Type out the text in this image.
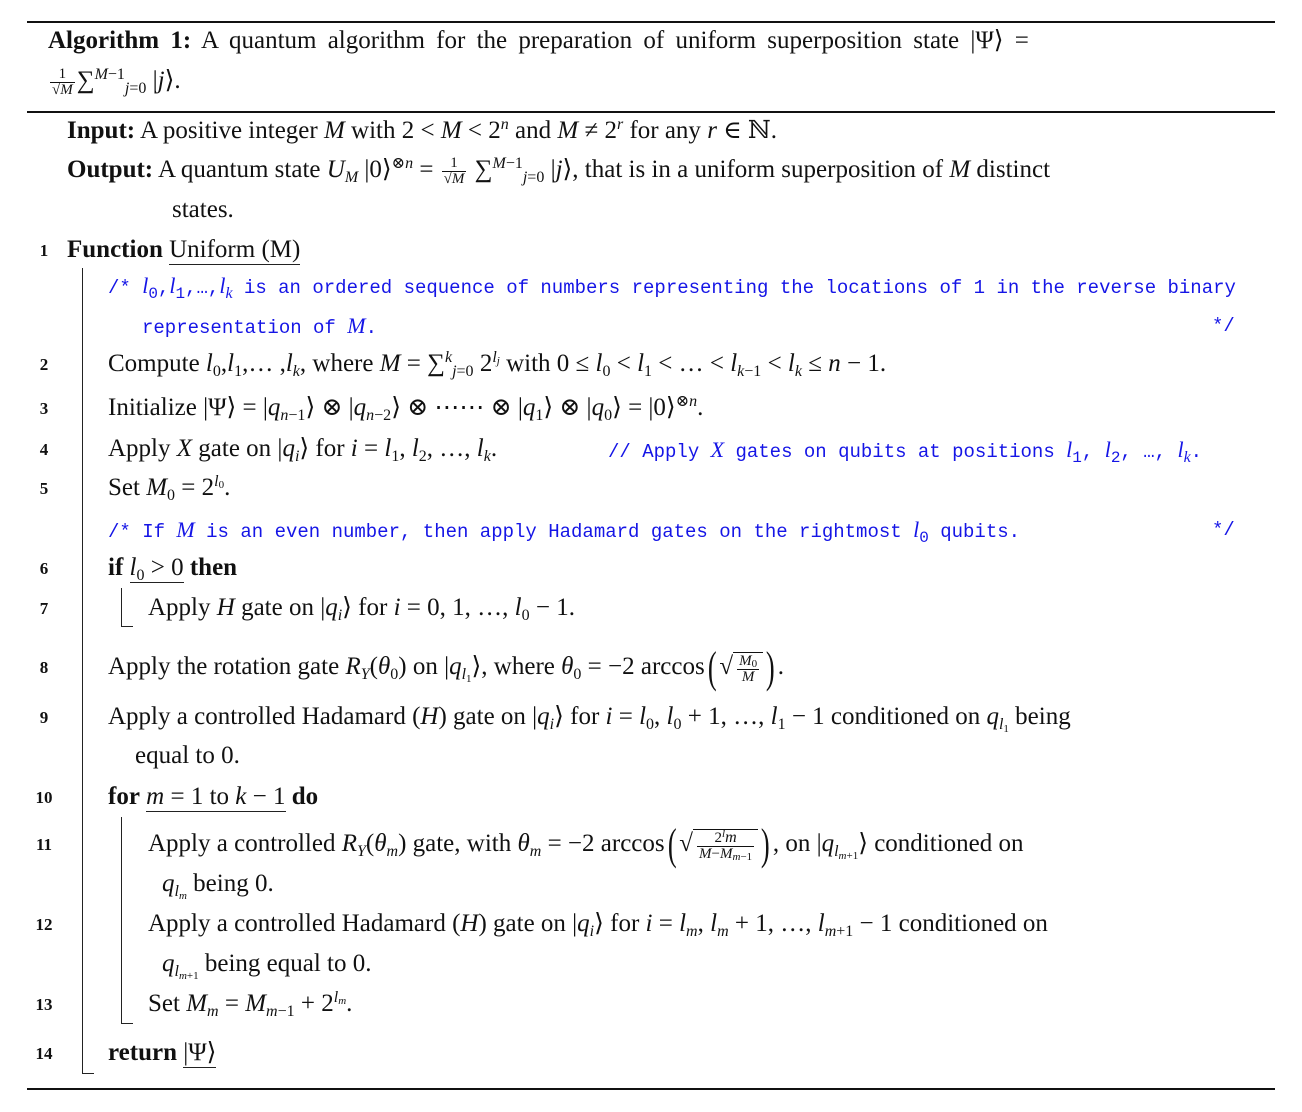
Algorithm 1: A quantum algorithm for the preparation of uniform superposition state |Ψ⟩ =
$\frac{1}{√M} \sum^{M-1}_{j=0}$ |j⟩.
Input: A positive integer M with $2 < M < 2^n$ and $M \ne 2^r$ for any r ∈ ℕ.
Output: A quantum state $U_M$ |0⟩$^{\otimes n}$ = $\frac{1}{√M} \sum^{M-1}_{j=0}$ |j⟩, that is in a uniform superposition of M distinct
states.
1 Function Uniform (M)
/* $l_0,l_1,\dots,l_k$ is an ordered sequence of numbers representing the locations of 1 in the reverse binary
representation of M.	*/
2	Compute $l_0,l_1,\dots$ $,l_k$, where M = ∑$^k_{j=0}$ $2^{l_j}$ with $0 \le l_0 < l_1$ < … < $l_{k-1} < l_k \le n - 1$.
3	Initialize |Ψ⟩ = $|q_{n-1}⟩$ ⊗ $|q_{n-2}⟩$ ⊗ ⋯⋯ ⊗ $|q_1⟩$ ⊗ $|q_0⟩$ = |0⟩$^{\otimes n}$.
4	Apply X gate on $|q_i⟩$ for $i = l_1$, $l_2$, …, $l_k$.	// Apply X gates on qubits at positions $l_1$, $l_2$, …, $l_k$.
5	Set $M_0 = 2^{l_0}$.
/* If M is an even number, then apply Hadamard gates on the rightmost $l_0$ qubits.	*/
6	if $l_0 > 0$ then
7	Apply H gate on $|q_i⟩$ for i = 0, 1, …, $l_0 - 1$.
8	Apply the rotation gate $R_Y(\theta_0)$ on $|q_{l_1}⟩$, where $\theta_0 = -2$ arccos( √ $\frac{M_0}{M}$ ) .
9	Apply a controlled Hadamard (H) gate on $|q_i⟩$ for $i = l_0$, $l_0 + 1$, …, $l_1 - 1$ conditioned on $q_{l_1}$ being
equal to 0.
10 for m = 1 to k − 1 do
11	Apply a controlled $R_Y(\theta_m)$ gate, with $\theta_m = -2$ arccos( √ $\frac{2^{l_m}}{M-M_{m-1}}$ ) , on $|q_{l_{m+1}}⟩$ conditioned on
$q_{l_m}$ being 0.
12	Apply a controlled Hadamard (H) gate on $|q_i⟩$ for $i = l_m$, $l_m + 1$, …, $l_{m+1} - 1$ conditioned on
$q_{l_{m+1}}$ being equal to 0.
13	Set $M_m = M_{m-1} + 2^{l_m}$.
14 return |Ψ⟩
